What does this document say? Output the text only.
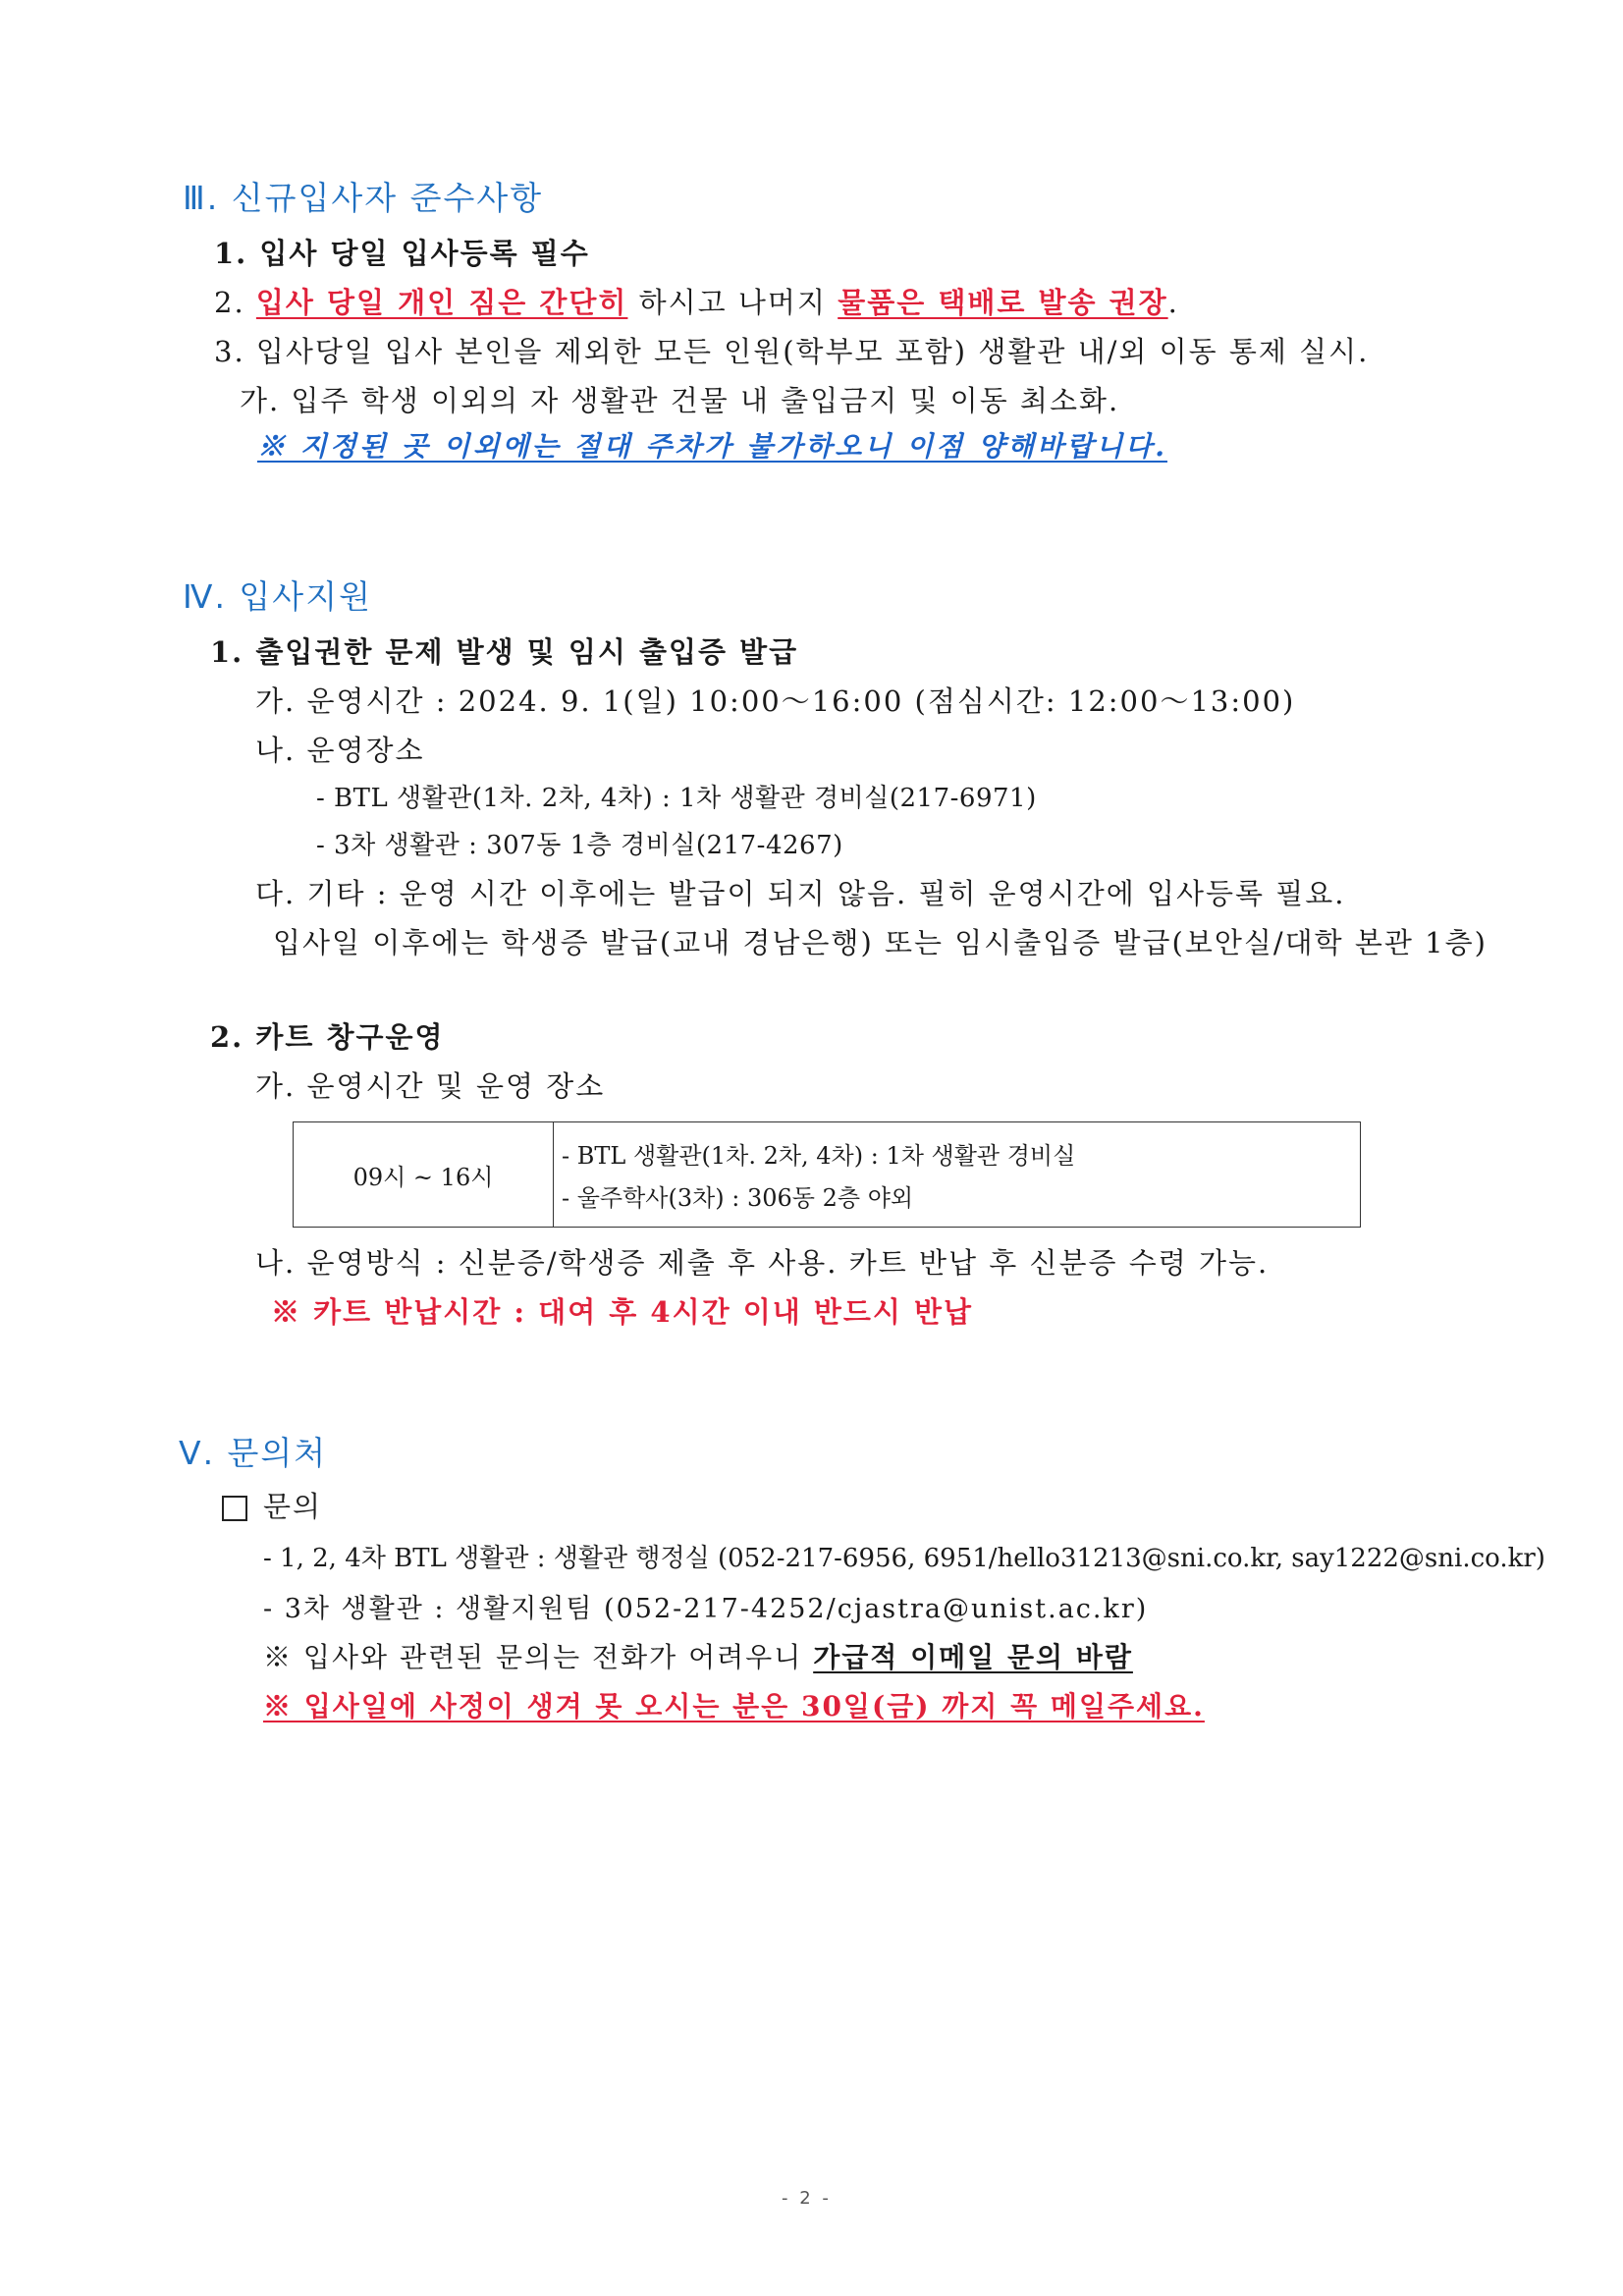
Ⅲ. 신규입사자 준수사항
1. 입사 당일 입사등록 필수
2. 입사 당일 개인 짐은 간단히 하시고 나머지 물품은 택배로 발송 권장.
3. 입사당일 입사 본인을 제외한 모든 인원(학부모 포함) 생활관 내/외 이동 통제 실시.
가. 입주 학생 이외의 자 생활관 건물 내 출입금지 및 이동 최소화.
※ 지정된 곳 이외에는 절대 주차가 불가하오니 이점 양해바랍니다.
Ⅳ. 입사지원
1. 출입권한 문제 발생 및 임시 출입증 발급
가. 운영시간 : 2024. 9. 1(일) 10:00～16:00 (점심시간: 12:00～13:00)
나. 운영장소
- BTL 생활관(1차. 2차, 4차) : 1차 생활관 경비실(217-6971)
- 3차 생활관 : 307동 1층 경비실(217-4267)
다. 기타 : 운영 시간 이후에는 발급이 되지 않음. 필히 운영시간에 입사등록 필요.
입사일 이후에는 학생증 발급(교내 경남은행) 또는 임시출입증 발급(보안실/대학 본관 1층)
2. 카트 창구운영
가. 운영시간 및 운영 장소
09시 ~ 16시	- BTL 생활관(1차. 2차, 4차) : 1차 생활관 경비실
- 울주학사(3차) : 306동 2층 야외
나. 운영방식 : 신분증/학생증 제출 후 사용. 카트 반납 후 신분증 수령 가능.
※ 카트 반납시간 : 대여 후 4시간 이내 반드시 반납
Ⅴ. 문의처
문의
- 1, 2, 4차 BTL 생활관 : 생활관 행정실 (052-217-6956, 6951/hello31213@sni.co.kr, say1222@sni.co.kr)
- 3차 생활관 : 생활지원팀 (052-217-4252/cjastra@unist.ac.kr)
※ 입사와 관련된 문의는 전화가 어려우니 가급적 이메일 문의 바람
※ 입사일에 사정이 생겨 못 오시는 분은 30일(금) 까지 꼭 메일주세요.
- 2 -
